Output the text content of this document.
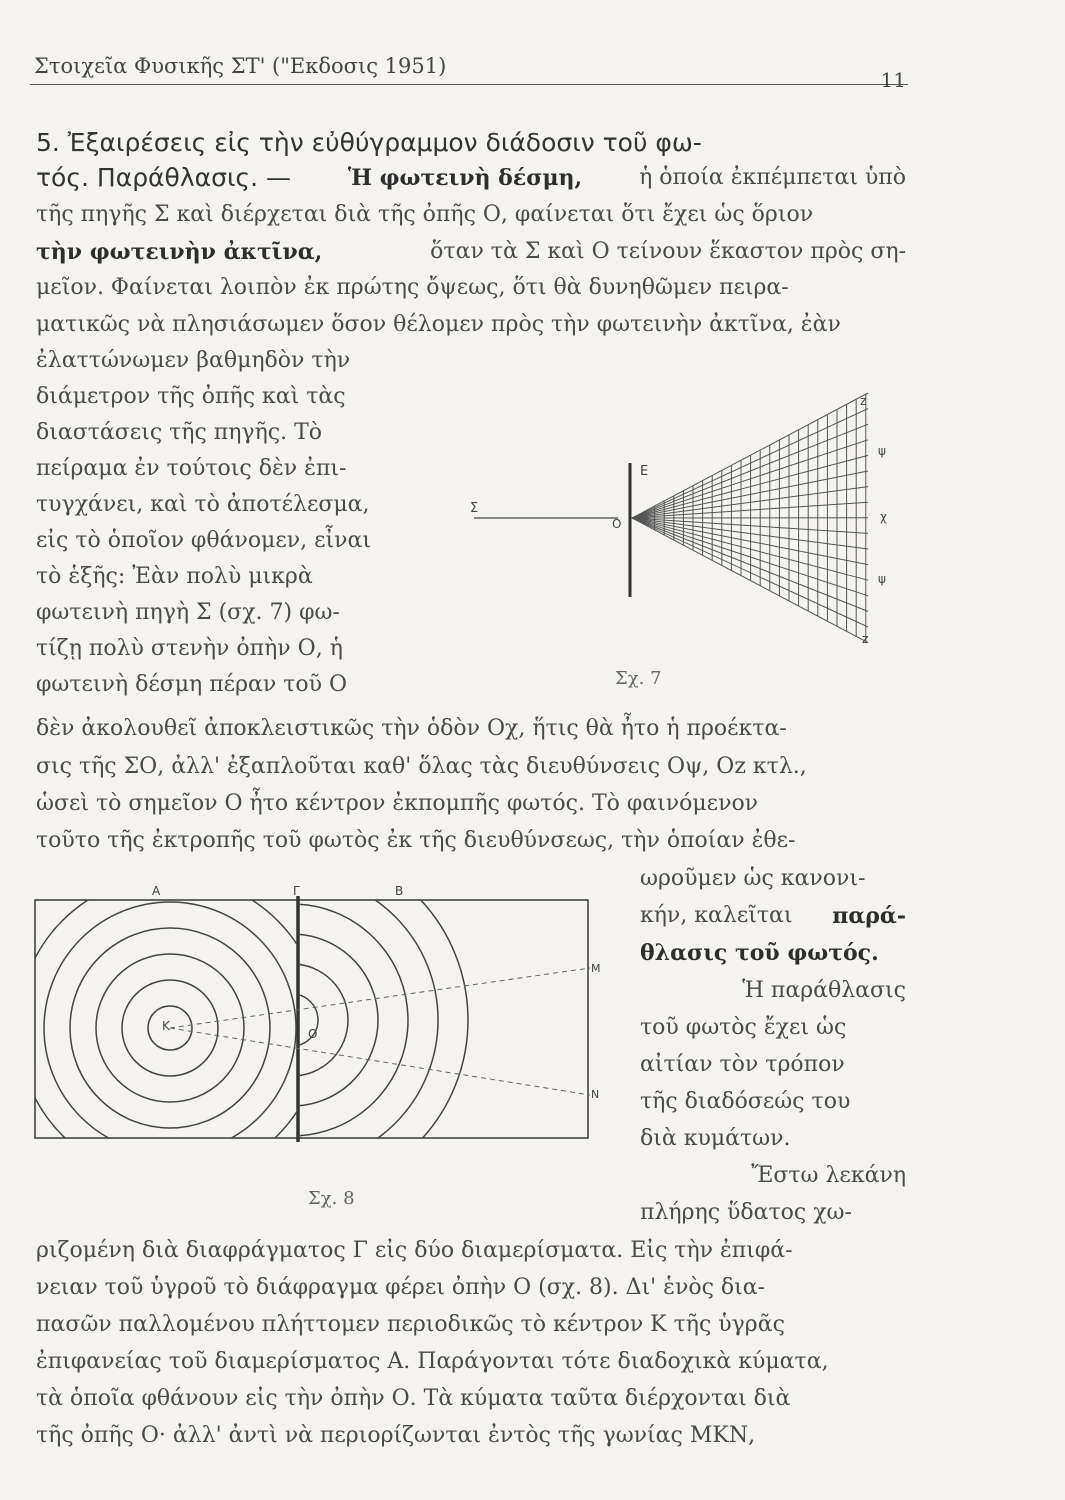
Στοιχεῖα Φυσικῆς ΣΤ' ("Εκδοσις 1951)
11
5. Ἐξαιρέσεις εἰς τὴν εὐθύγραμμον διάδοσιν τοῦ φω-
τός. Παράθλασις. —	Ἡ φωτεινὴ δέσμη,	ἡ ὁποία ἐκπέμπεται ὑπὸ
τῆς πηγῆς Σ καὶ διέρχεται διὰ τῆς ὀπῆς Ο, φαίνεται ὅτι ἔχει ὡς ὅριον
τὴν φωτεινὴν ἀκτῖνα,	ὅταν τὰ Σ καὶ Ο τείνουν ἕκαστον πρὸς ση-
μεῖον. Φαίνεται λοιπὸν ἐκ πρώτης ὄψεως, ὅτι θὰ δυνηθῶμεν πειρα-
ματικῶς νὰ πλησιάσωμεν ὅσον θέλομεν πρὸς τὴν φωτεινὴν ἀκτῖνα, ἐὰν
ἐλαττώνωμεν βαθμηδὸν τὴν
διάμετρον τῆς ὀπῆς καὶ τὰς
διαστάσεις τῆς πηγῆς. Τὸ
πείραμα ἐν τούτοις δὲν ἐπι-
τυγχάνει, καὶ τὸ ἀποτέλεσμα,
εἰς τὸ ὁποῖον φθάνομεν, εἶναι
τὸ ἑξῆς: Ἐὰν πολὺ μικρὰ
φωτεινὴ πηγὴ Σ (σχ. 7) φω-
τίζῃ πολὺ στενὴν ὀπὴν Ο, ἡ
φωτεινὴ δέσμη πέραν τοῦ Ο
δὲν ἀκολουθεῖ ἀποκλειστικῶς τὴν ὁδὸν Οχ, ἥτις θὰ ἦτο ἡ προέκτα-
σις τῆς ΣΟ, ἀλλ' ἐξαπλοῦται καθ' ὅλας τὰς διευθύνσεις Οψ, Οz κτλ.,
ὡσεὶ τὸ σημεῖον Ο ἦτο κέντρον ἐκπομπῆς φωτός. Τὸ φαινόμενον
τοῦτο τῆς ἐκτροπῆς τοῦ φωτὸς ἐκ τῆς διευθύνσεως, τὴν ὁποίαν ἐθε-
ωροῦμεν ὡς κανονι-
κήν, καλεῖται παρά-
θλασις τοῦ φωτός.
Ἡ παράθλασις
τοῦ φωτὸς ἔχει ὡς
αἰτίαν τὸν τρόπον
τῆς διαδόσεώς του
διὰ κυμάτων.
Ἔστω λεκάνη
πλήρης ὕδατος χω-
ριζομένη διὰ διαφράγματος Γ εἰς δύο διαμερίσματα. Εἰς τὴν ἐπιφά-
νειαν τοῦ ὑγροῦ τὸ διάφραγμα φέρει ὀπὴν Ο (σχ. 8). Δι' ἑνὸς δια-
πασῶν παλλομένου πλήττομεν περιοδικῶς τὸ κέντρον Κ τῆς ὑγρᾶς
ἐπιφανείας τοῦ διαμερίσματος Α. Παράγονται τότε διαδοχικὰ κύματα,
τὰ ὁποῖα φθάνουν εἰς τὴν ὀπὴν Ο. Τὰ κύματα ταῦτα διέρχονται διὰ
τῆς ὀπῆς Ο· ἀλλ' ἀντὶ νὰ περιορίζωνται ἐντὸς τῆς γωνίας ΜΚΝ,
Σ
E
O
z
ψ
χ
ψ
z
Σχ. 7
A	Γ	B
K
O
M
N
Σχ. 8
